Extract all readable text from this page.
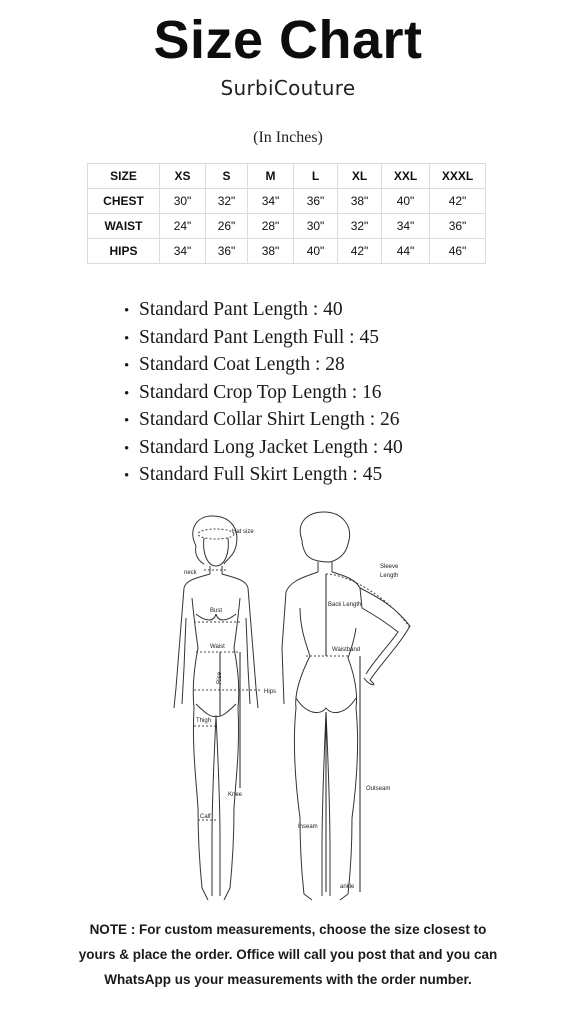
Size Chart
SurbiCouture
(In Inches)
SIZE	XS	S	M	L	XL	XXL	XXXL
CHEST	30"	32"	34"	36"	38"	40"	42"
WAIST	24"	26"	28"	30"	32"	34"	36"
HIPS	34"	36"	38"	40"	42"	44"	46"
• Standard Pant Length : 40
• Standard Pant Length Full : 45
• Standard Coat Length : 28
• Standard Crop Top Length : 16
• Standard Collar Shirt Length : 26
• Standard Long Jacket Length : 40
• Standard Full Skirt Length : 45
Hat size
neck
Bust
Waist
Rise
Hips
Thigh
Knee
Calf
Sleeve
Length
Back Length
Waistband
Outseam
Inseam
ankle
NOTE : For custom measurements, choose the size closest to yours & place the order. Office will call you post that and you can WhatsApp us your measurements with the order number.
